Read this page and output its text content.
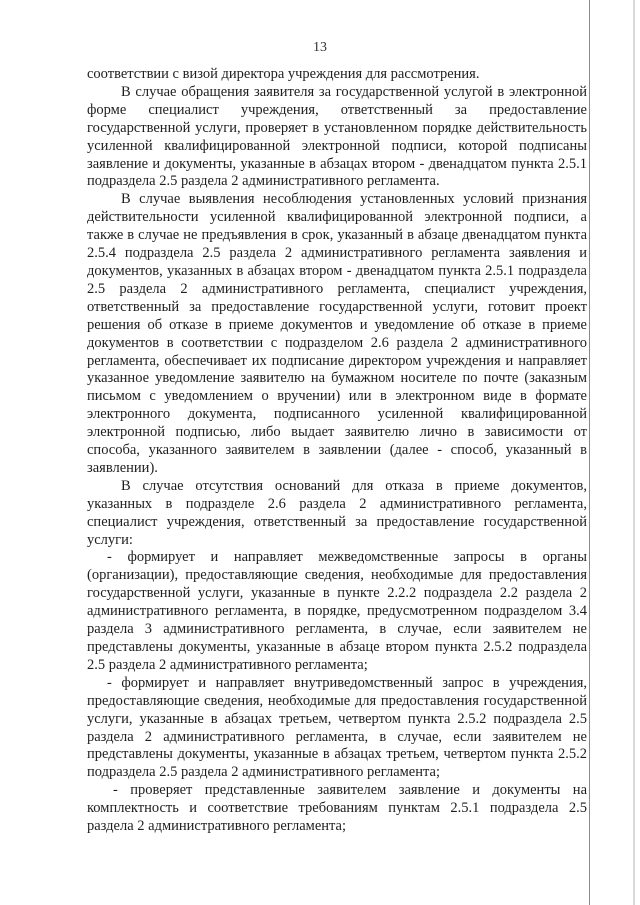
13

соответствии с визой директора учреждения для рассмотрения.

В случае обращения заявителя за государственной услугой в электронной форме специалист учреждения, ответственный за предоставление государственной услуги, проверяет в установленном порядке действительность усиленной квалифицированной электронной подписи, которой подписаны заявление и документы, указанные в абзацах втором - двенадцатом пункта 2.5.1 подраздела 2.5 раздела 2 административного регламента.

В случае выявления несоблюдения установленных условий признания действительности усиленной квалифицированной электронной подписи, а также в случае не предъявления в срок, указанный в абзаце двенадцатом пункта 2.5.4 подраздела 2.5 раздела 2 административного регламента заявления и документов, указанных в абзацах втором - двенадцатом пункта 2.5.1 подраздела 2.5 раздела 2 административного регламента, специалист учреждения, ответственный за предоставление государственной услуги, готовит проект решения об отказе в приеме документов и уведомление об отказе в приеме документов в соответствии с подразделом 2.6 раздела 2 административного регламента, обеспечивает их подписание директором учреждения и направляет указанное уведомление заявителю на бумажном носителе по почте (заказным письмом с уведомлением о вручении) или в электронном виде в формате электронного документа, подписанного усиленной квалифицированной электронной подписью, либо выдает заявителю лично в зависимости от способа, указанного заявителем в заявлении (далее - способ, указанный в заявлении).

В случае отсутствия оснований для отказа в приеме документов, указанных в подразделе 2.6 раздела 2 административного регламента, специалист учреждения, ответственный за предоставление государственной услуги:

- формирует и направляет межведомственные запросы в органы (организации), предоставляющие сведения, необходимые для предоставления государственной услуги, указанные в пункте 2.2.2 подраздела 2.2 раздела 2 административного регламента, в порядке, предусмотренном подразделом 3.4 раздела 3 административного регламента, в случае, если заявителем не представлены документы, указанные в абзаце втором пункта 2.5.2 подраздела 2.5 раздела 2 административного регламента;

- формирует и направляет внутриведомственный запрос в учреждения, предоставляющие сведения, необходимые для предоставления государственной услуги, указанные в абзацах третьем, четвертом пункта 2.5.2 подраздела 2.5 раздела 2 административного регламента, в случае, если заявителем не представлены документы, указанные в абзацах третьем, четвертом пункта 2.5.2 подраздела 2.5 раздела 2 административного регламента;

- проверяет представленные заявителем заявление и документы на комплектность и соответствие требованиям пунктам 2.5.1 подраздела 2.5 раздела 2 административного регламента;
